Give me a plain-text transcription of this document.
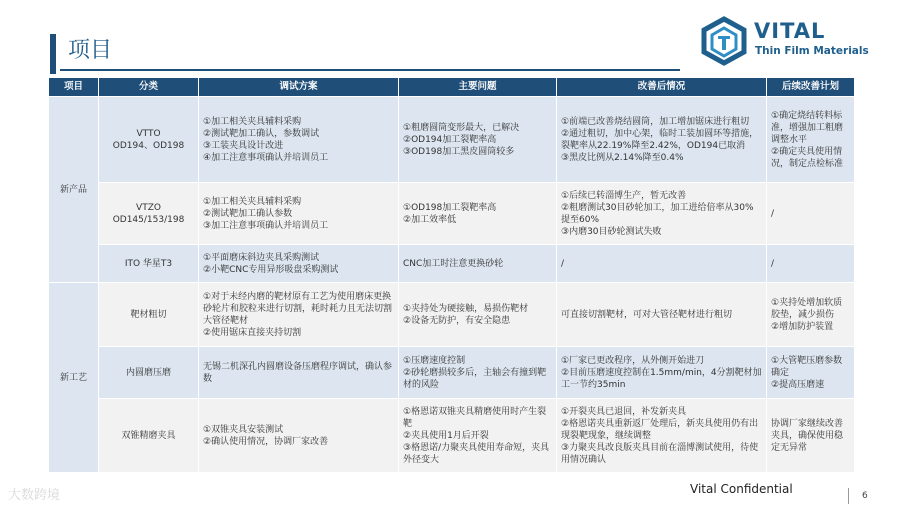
项目
VITAL
Thin Film Materials
项目	分类	调试方案	主要问题	改善后情况	后续改善计划
新产品	VTTO
OD194、OD198	①加工相关夹具辅料采购
②测试靶加工确认，参数调试
③工装夹具设计改进
④加工注意事项确认并培训员工	①粗磨圆筒变形最大，已解决
②OD194加工裂靶率高
③OD198加工黑皮圆筒较多	①前端已改善烧结圆筒，加工增加锯床进行粗切
②通过粗切，加中心架，临时工装加圆环等措施，裂靶率从22.19%降至2.42%，OD194已取消
③黑皮比例从2.14%降至0.4%	①确定烧结转料标准，增强加工粗磨调整水平
②确定夹具使用情况，制定点检标准
	VTZO
OD145/153/198	①加工相关夹具辅料采购
②测试靶加工确认参数
③加工注意事项确认并培训员工	①OD198加工裂靶率高
②加工效率低	①后续已转淄博生产，暂无改善
②粗磨测试30目砂轮加工，加工进给倍率从30%提至60%
③内磨30目砂轮测试失败	/
	ITO 华星T3	①平面磨床斜边夹具采购测试
②小靶CNC专用异形吸盘采购测试	CNC加工时注意更换砂轮	/	/
新工艺	靶材粗切	①对于未经内磨的靶材原有工艺为使用磨床更换砂轮片和胶粒来进行切割，耗时耗力且无法切割大管径靶材
②使用锯床直接夹持切割	①夹持处为硬接触，易损伤靶材
②设备无防护，有安全隐患	可直接切割靶材，可对大管径靶材进行粗切	①夹持处增加软质胶垫，减少损伤
②增加防护装置
	内圆磨压磨	无锡二机深孔内圆磨设备压磨程序调试，确认参数	①压磨速度控制
②砂轮磨损较多后，主轴会有撞到靶材的风险	①厂家已更改程序，从外侧开始进刀
②目前压磨速度控制在1.5mm/min，4分割靶材加工一节约35min	①大管靶压磨参数确定
②提高压磨速
	双锥精磨夹具	①双锥夹具安装测试
②确认使用情况，协调厂家改善	①格恩诺双锥夹具精磨使用时产生裂靶
②夹具使用1月后开裂
③格恩诺/力聚夹具使用寿命短，夹具外径变大	①开裂夹具已退回，补发新夹具
②格恩诺夹具重新返厂处理后，新夹具使用仍有出现裂靶现象，继续调整
③力聚夹具改良版夹具目前在淄博测试使用，待使用情况确认	协调厂家继续改善夹具，确保使用稳定无异常
大数跨境	Vital Confidential	6
